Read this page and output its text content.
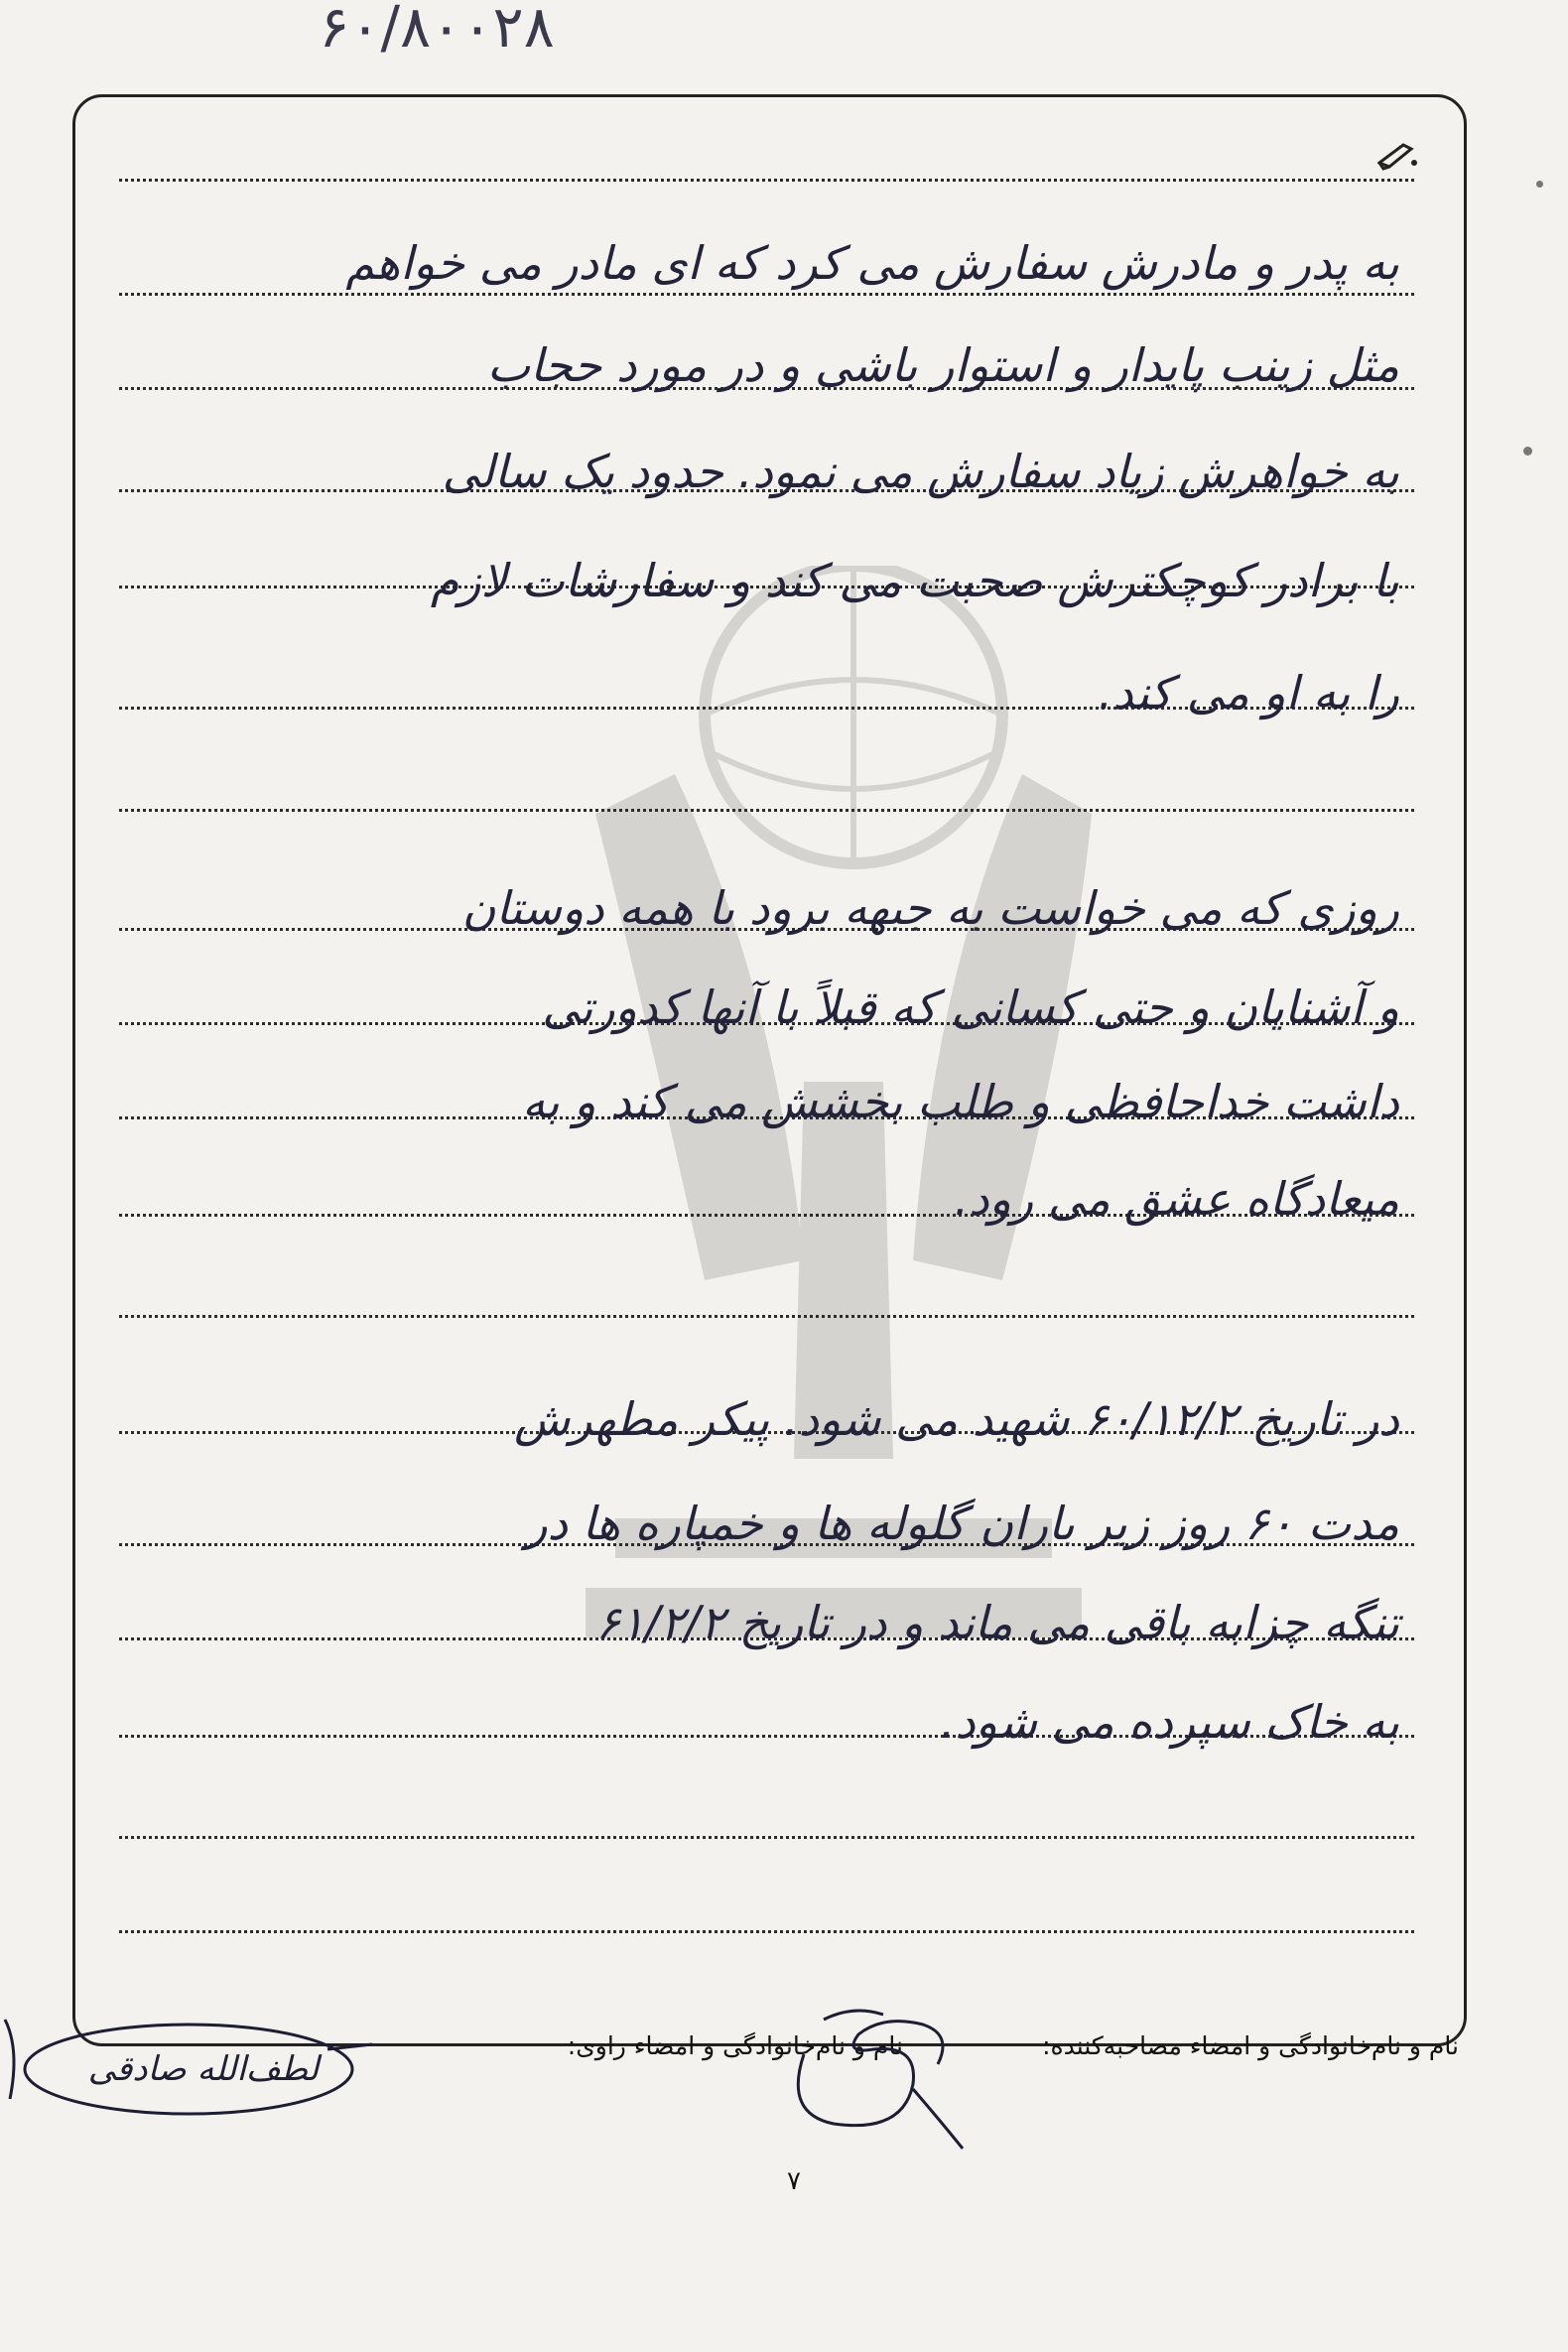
۶۰/۸۰۰۲۸
به پدر و مادرش سفارش می کرد که ای مادر می خواهم
مثل زینب پایدار و استوار باشی و در مورد حجاب
به خواهرش زیاد سفارش می نمود. حدود یک سالی
با برادر کوچکترش صحبت می کند و سفارشات لازم
را به او می کند.
روزی که می خواست به جبهه برود با همه دوستان
و آشنایان و حتی کسانی که قبلاً با آنها کدورتی
داشت خداحافظی و طلب بخشش می کند و به
میعادگاه عشق می رود.
در تاریخ ۶۰/۱۲/۲ شهید می شود. پیکر مطهرش
مدت ۶۰ روز زیر باران گلوله ها و خمپاره ها در
تنگه چزابه باقی می ماند و در تاریخ ۶۱/۲/۲
به خاک سپرده می شود.
نام و نام‌خانوادگی و امضاء مصاحبه‌کننده:
نام و نام‌خانوادگی و امضاء راوی:
لطف‌الله صادقی
۷
